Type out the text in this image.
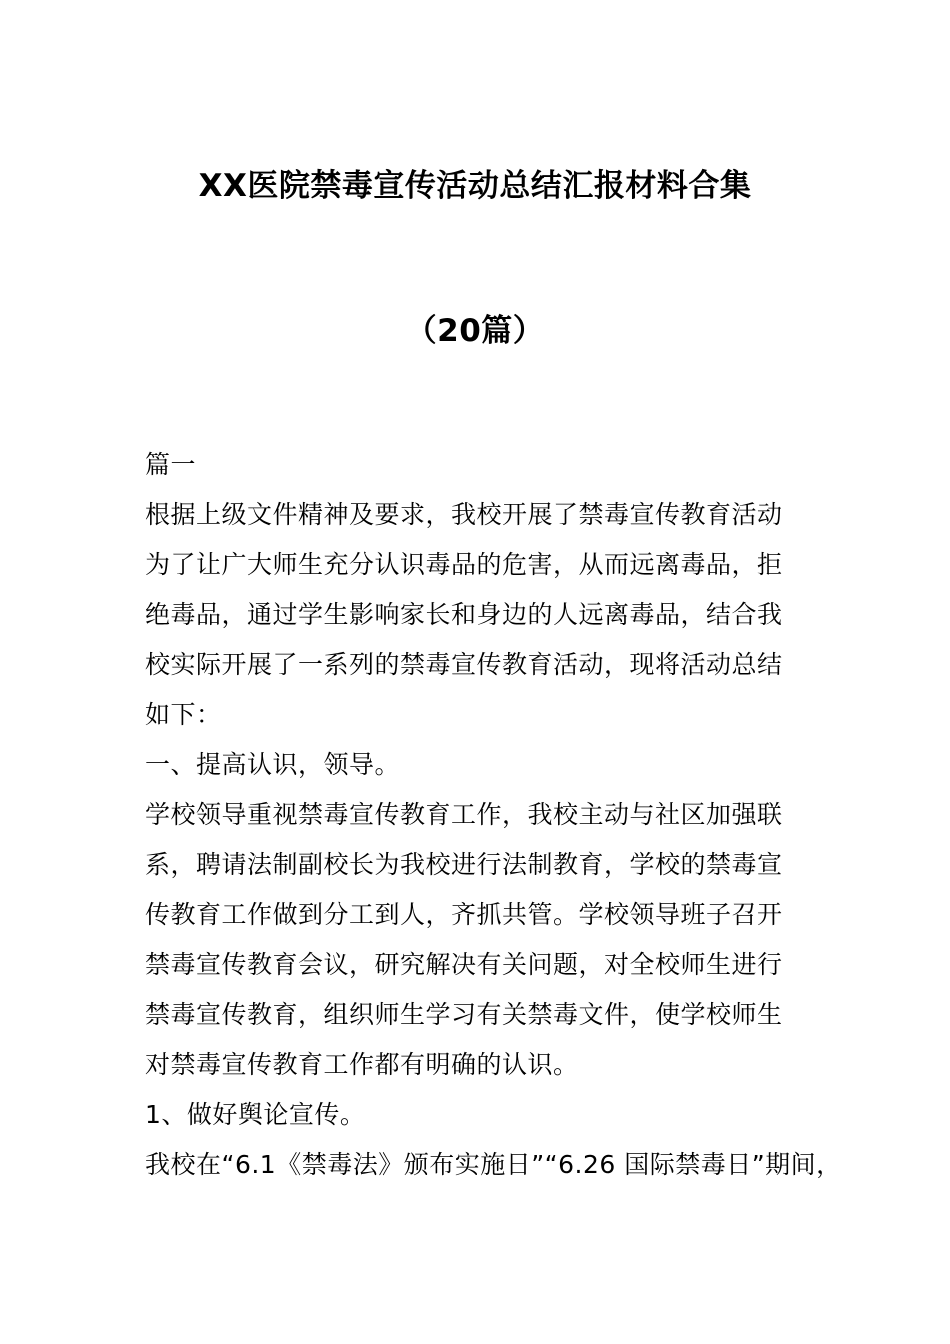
XX医院禁毒宣传活动总结汇报材料合集
（20篇）
篇一
根据上级文件精神及要求，我校开展了禁毒宣传教育活动
为了让广大师生充分认识毒品的危害，从而远离毒品，拒
绝毒品，通过学生影响家长和身边的人远离毒品，结合我
校实际开展了一系列的禁毒宣传教育活动，现将活动总结
如下：
一、提高认识，领导。
学校领导重视禁毒宣传教育工作，我校主动与社区加强联
系，聘请法制副校长为我校进行法制教育，学校的禁毒宣
传教育工作做到分工到人，齐抓共管。学校领导班子召开
禁毒宣传教育会议，研究解决有关问题，对全校师生进行
禁毒宣传教育，组织师生学习有关禁毒文件，使学校师生
对禁毒宣传教育工作都有明确的认识。
1、做好舆论宣传。
我校在“6.1《禁毒法》颁布实施日”“6.26 国际禁毒日”期间，
